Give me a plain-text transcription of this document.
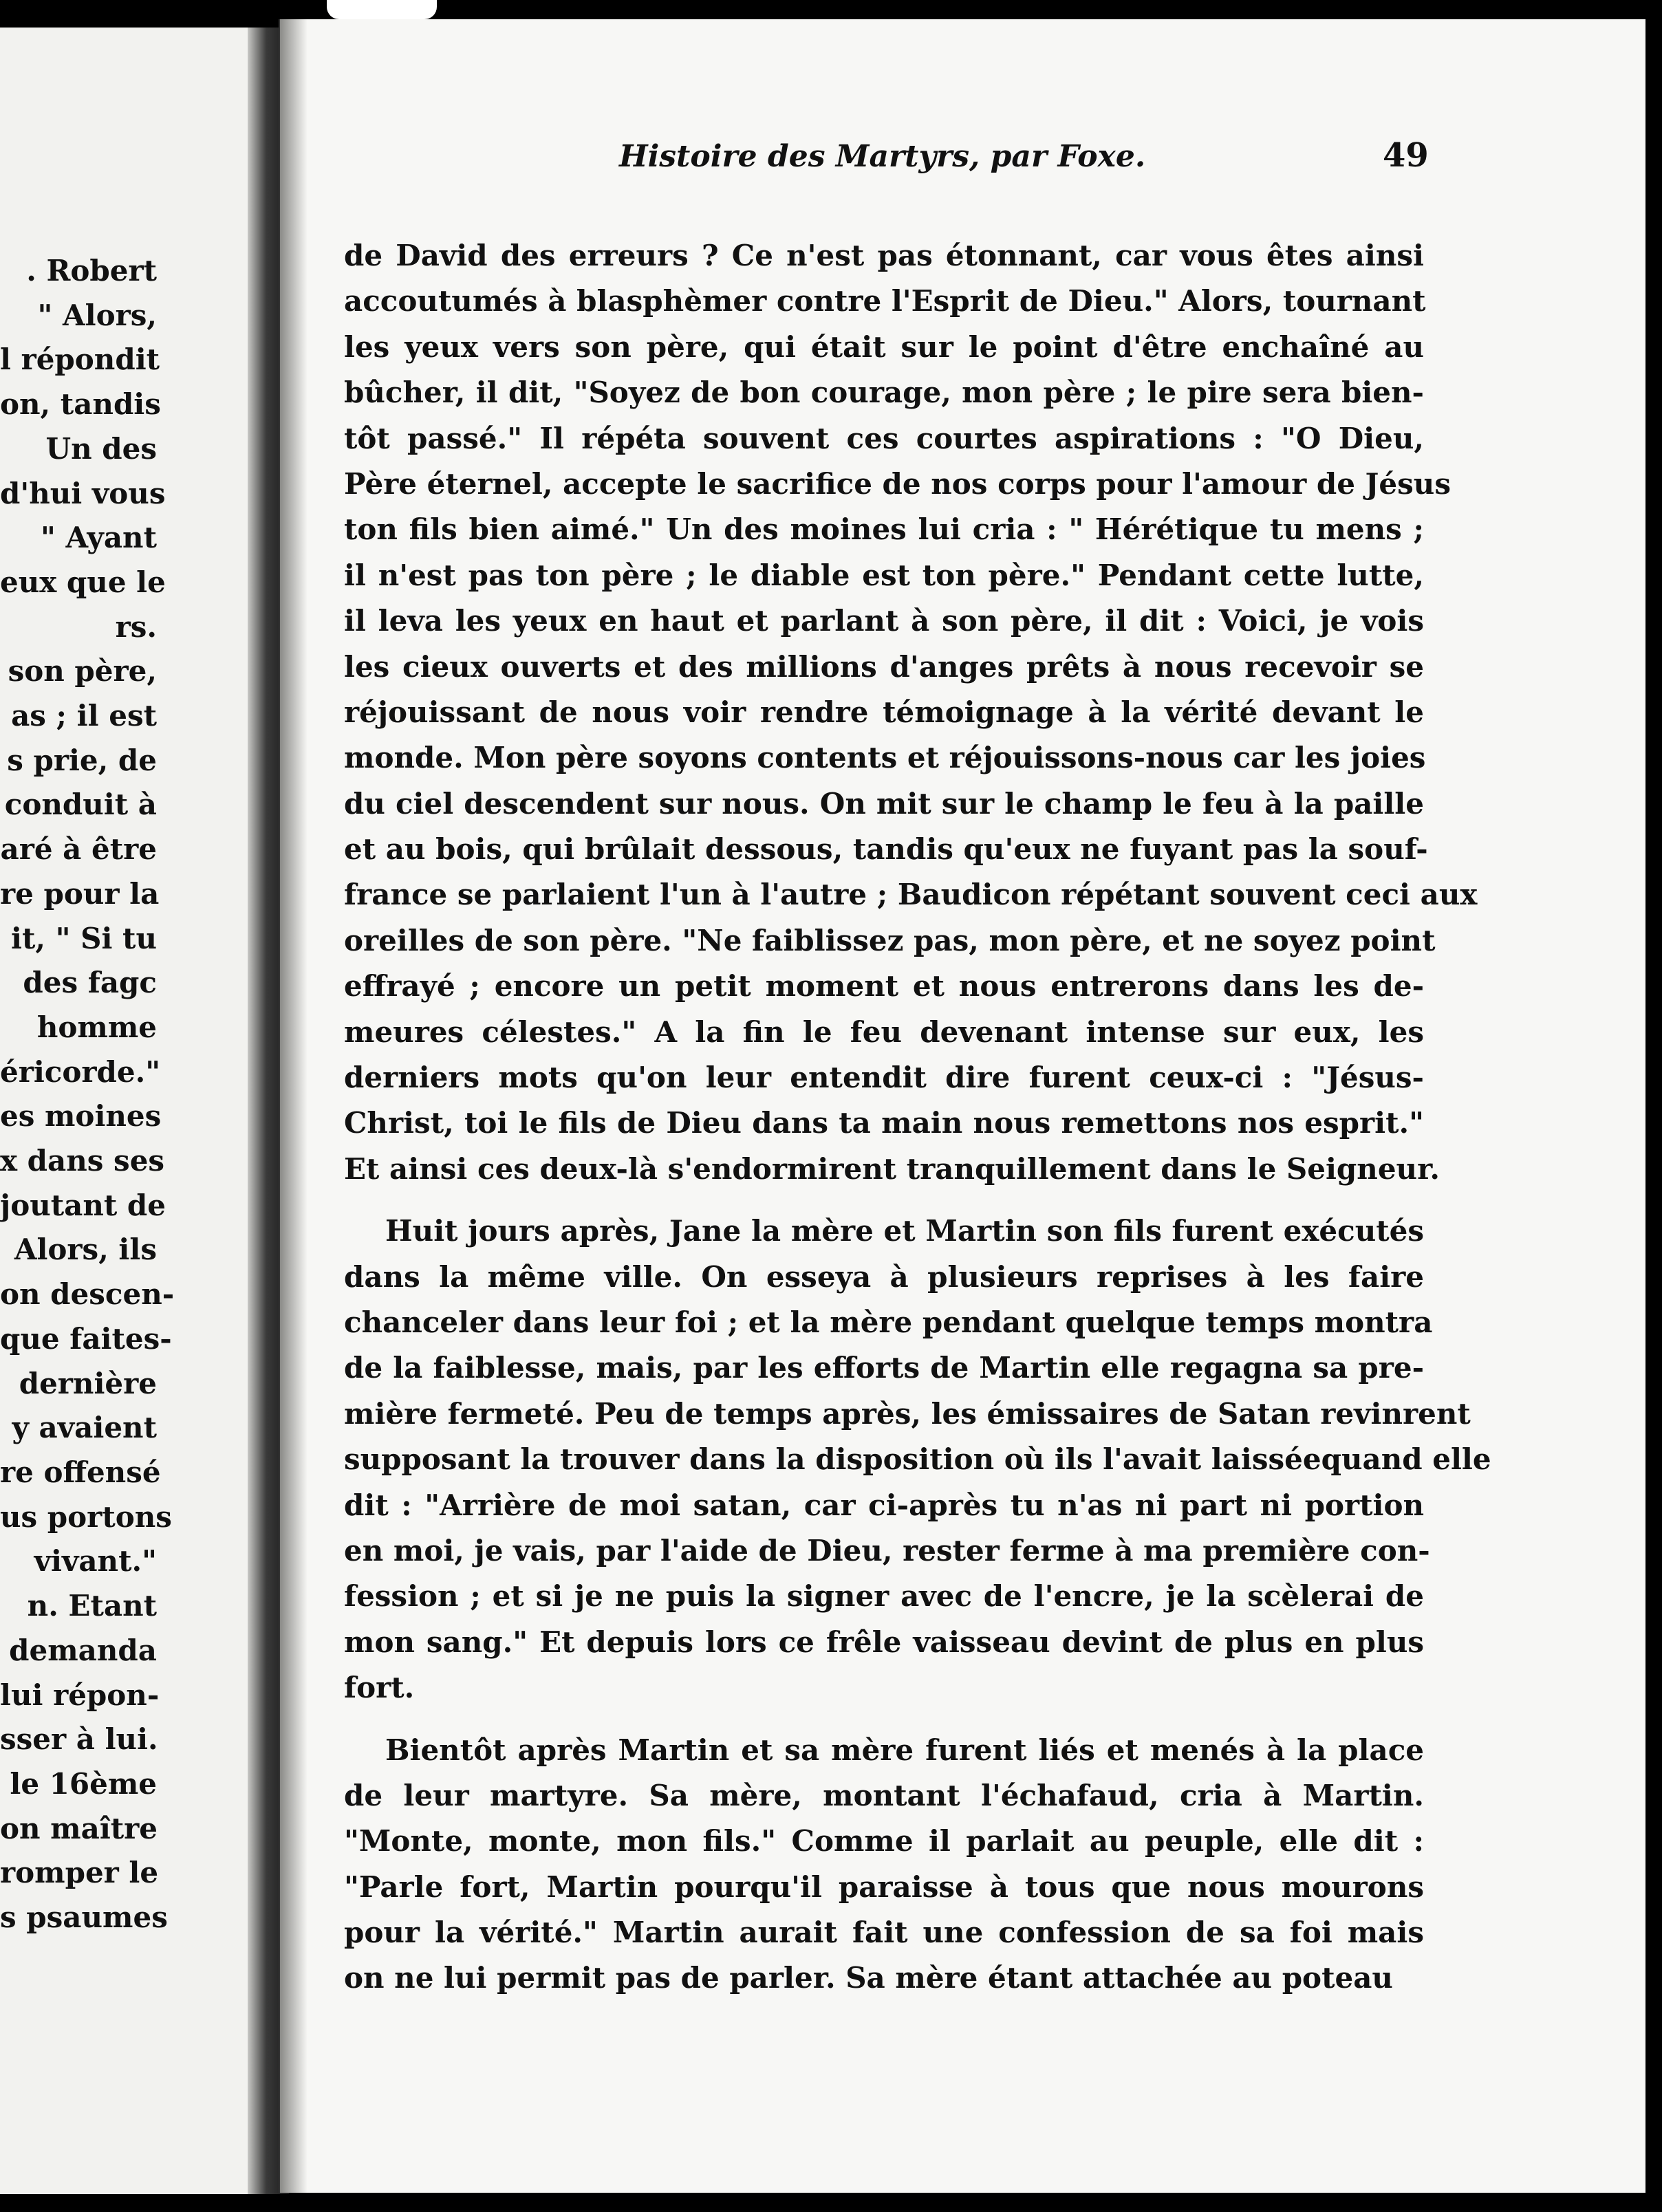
. Robert
" Alors,
l répondit
on, tandis
Un des
d'hui vous
" Ayant
eux que le
rs.
son père,
as ; il est
s prie, de
conduit à
aré à être
re pour la
it, " Si tu
des fagc
homme
éricorde."
es moines
x dans ses
joutant de
Alors, ils
on descen-
que faites-
dernière
y avaient
re offensé
us portons
vivant."
n. Etant
demanda
lui répon-
sser à lui.
le 16ème
on maître
romper le
s psaumes
Histoire des Martyrs, par Foxe.	49
de David des erreurs ? Ce n'est pas étonnant, car vous êtes ainsi
accoutumés à blasphèmer contre l'Esprit de Dieu." Alors, tournant
les yeux vers son père, qui était sur le point d'être enchaîné au
bûcher, il dit, "Soyez de bon courage, mon père ; le pire sera bien-
tôt passé." Il répéta souvent ces courtes aspirations : "O Dieu,
Père éternel, accepte le sacrifice de nos corps pour l'amour de Jésus
ton fils bien aimé." Un des moines lui cria : " Hérétique tu mens ;
il n'est pas ton père ; le diable est ton père." Pendant cette lutte,
il leva les yeux en haut et parlant à son père, il dit : Voici, je vois
les cieux ouverts et des millions d'anges prêts à nous recevoir se
réjouissant de nous voir rendre témoignage à la vérité devant le
monde. Mon père soyons contents et réjouissons-nous car les joies
du ciel descendent sur nous. On mit sur le champ le feu à la paille
et au bois, qui brûlait dessous, tandis qu'eux ne fuyant pas la souf-
france se parlaient l'un à l'autre ; Baudicon répétant souvent ceci aux
oreilles de son père. "Ne faiblissez pas, mon père, et ne soyez point
effrayé ; encore un petit moment et nous entrerons dans les de-
meures célestes." A la fin le feu devenant intense sur eux, les
derniers mots qu'on leur entendit dire furent ceux-ci : "Jésus-
Christ, toi le fils de Dieu dans ta main nous remettons nos esprit."
Et ainsi ces deux-là s'endormirent tranquillement dans le Seigneur.
Huit jours après, Jane la mère et Martin son fils furent exécutés
dans la même ville. On esseya à plusieurs reprises à les faire
chanceler dans leur foi ; et la mère pendant quelque temps montra
de la faiblesse, mais, par les efforts de Martin elle regagna sa pre-
mière fermeté. Peu de temps après, les émissaires de Satan revinrent
supposant la trouver dans la disposition où ils l'avait laisséequand elle
dit : "Arrière de moi satan, car ci-après tu n'as ni part ni portion
en moi, je vais, par l'aide de Dieu, rester ferme à ma première con-
fession ; et si je ne puis la signer avec de l'encre, je la scèlerai de
mon sang." Et depuis lors ce frêle vaisseau devint de plus en plus
fort.
Bientôt après Martin et sa mère furent liés et menés à la place
de leur martyre. Sa mère, montant l'échafaud, cria à Martin.
"Monte, monte, mon fils." Comme il parlait au peuple, elle dit :
"Parle fort, Martin pourqu'il paraisse à tous que nous mourons
pour la vérité." Martin aurait fait une confession de sa foi mais
on ne lui permit pas de parler. Sa mère étant attachée au poteau
